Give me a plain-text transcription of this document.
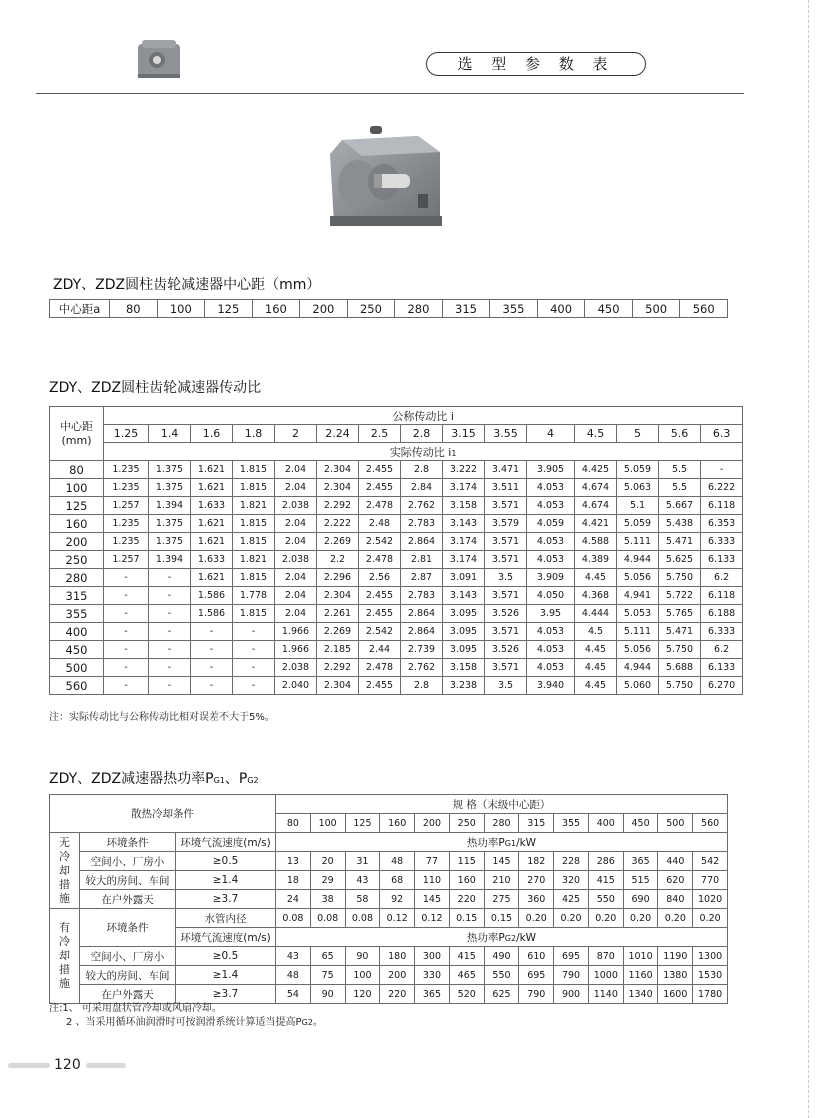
选 型 参 数 表
ZDY、ZDZ圆柱齿轮减速器中心距（mm）
中心距a	80	100	125	160	200	250	280	315	355	400	450	500	560
ZDY、ZDZ圆柱齿轮减速器传动比
中心距
(mm)	公称传动比 i														
	1.25	1.4	1.6	1.8	2	2.24	2.5	2.8	3.15	3.55	4	4.5	5	5.6	6.3
	实际传动比 i1														
80	1.235	1.375	1.621	1.815	2.04	2.304	2.455	2.8	3.222	3.471	3.905	4.425	5.059	5.5	-
100	1.235	1.375	1.621	1.815	2.04	2.304	2.455	2.84	3.174	3.511	4.053	4.674	5.063	5.5	6.222
125	1.257	1.394	1.633	1.821	2.038	2.292	2.478	2.762	3.158	3.571	4.053	4.674	5.1	5.667	6.118
160	1.235	1.375	1.621	1.815	2.04	2.222	2.48	2.783	3.143	3.579	4.059	4.421	5.059	5.438	6.353
200	1.235	1.375	1.621	1.815	2.04	2.269	2.542	2.864	3.174	3.571	4.053	4.588	5.111	5.471	6.333
250	1.257	1.394	1.633	1.821	2.038	2.2	2.478	2.81	3.174	3.571	4.053	4.389	4.944	5.625	6.133
280	-	-	1.621	1.815	2.04	2.296	2.56	2.87	3.091	3.5	3.909	4.45	5.056	5.750	6.2
315	-	-	1.586	1.778	2.04	2.304	2.455	2.783	3.143	3.571	4.050	4.368	4.941	5.722	6.118
355	-	-	1.586	1.815	2.04	2.261	2.455	2.864	3.095	3.526	3.95	4.444	5.053	5.765	6.188
400	-	-	-	-	1.966	2.269	2.542	2.864	3.095	3.571	4.053	4.5	5.111	5.471	6.333
450	-	-	-	-	1.966	2.185	2.44	2.739	3.095	3.526	4.053	4.45	5.056	5.750	6.2
500	-	-	-	-	2.038	2.292	2.478	2.762	3.158	3.571	4.053	4.45	4.944	5.688	6.133
560	-	-	-	-	2.040	2.304	2.455	2.8	3.238	3.5	3.940	4.45	5.060	5.750	6.270
注：实际传动比与公称传动比相对误差不大于5%。
ZDY、ZDZ减速器热功率PG1、PG2
散热冷却条件			规 格（末级中心距）												
			80	100	125	160	200	250	280	315	355	400	450	500	560

无
冷
却
措
施	环境条件	环境气流速度(m/s)	热功率PG1/kW												
	空间小、厂房小	≥0.5	13	20	31	48	77	115	145	182	228	286	365	440	542
	较大的房间、车间	≥1.4	18	29	43	68	110	160	210	270	320	415	515	620	770
	在户外露天	≥3.7	24	38	58	92	145	220	275	360	425	550	690	840	1020

有
冷
却
措
施	环境条件	水管内径	0.08	0.08	0.08	0.12	0.12	0.15	0.15	0.20	0.20	0.20	0.20	0.20	0.20
		环境气流速度(m/s)	热功率PG2/kW												
	空间小、厂房小	≥0.5	43	65	90	180	300	415	490	610	695	870	1010	1190	1300
	较大的房间、车间	≥1.4	48	75	100	200	330	465	550	695	790	1000	1160	1380	1530
	在户外露天	≥3.7	54	90	120	220	365	520	625	790	900	1140	1340	1600	1780
注:1、 可采用盘状管冷却或风扇冷却。
2 、当采用循环油润滑时可按润滑系统计算适当提高PG2。
120
